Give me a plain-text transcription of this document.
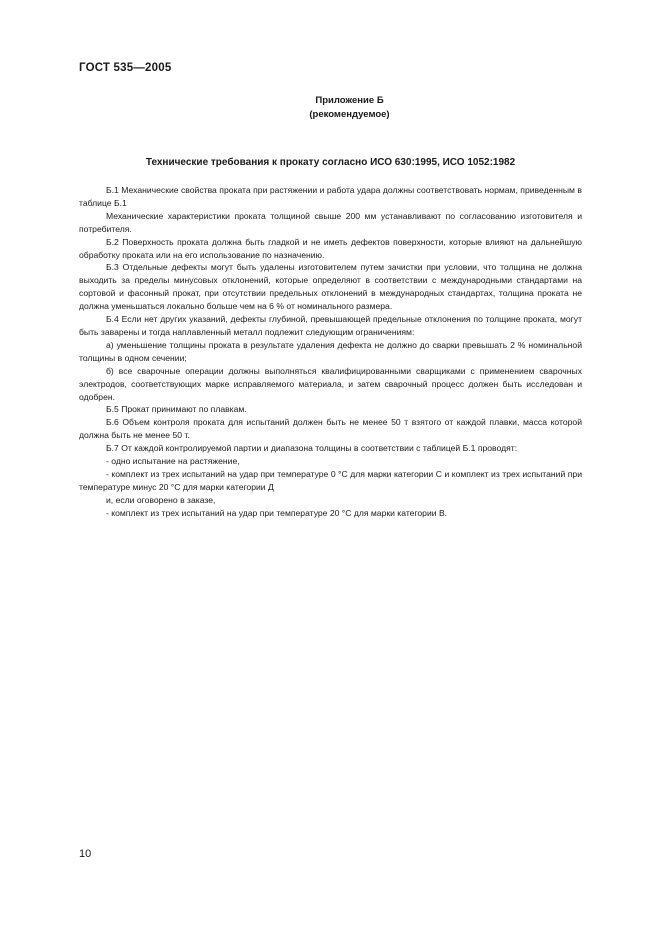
ГОСТ 535—2005
Приложение Б
(рекомендуемое)
Технические требования к прокату согласно ИСО 630:1995, ИСО 1052:1982

Б.1 Механические свойства проката при растяжении и работа удара должны соответствовать нормам, приведенным в таблице Б.1

Механические характеристики проката толщиной свыше 200 мм устанавливают по согласованию изготовителя и потребителя.

Б.2 Поверхность проката должна быть гладкой и не иметь дефектов поверхности, которые влияют на дальнейшую обработку проката или на его использование по назначению.

Б.3 Отдельные дефекты могут быть удалены изготовителем путем зачистки при условии, что толщина не должна выходить за пределы минусовых отклонений, которые определяют в соответствии с международными стандартами на сортовой и фасонный прокат, при отсутствии предельных отклонений в международных стандартах, толщина проката не должна уменьшаться локально больше чем на 6 % от номинального размера.

Б.4 Если нет других указаний, дефекты глубиной, превышающей предельные отклонения по толщине проката, могут быть заварены и тогда наплавленный металл подлежит следующим ограничениям:

а) уменьшение толщины проката в результате удаления дефекта не должно до сварки превышать 2 % номинальной толщины в одном сечении;

б) все сварочные операции должны выполняться квалифицированными сварщиками с применением сварочных электродов, соответствующих марке исправляемого материала, и затем сварочный процесс должен быть исследован и одобрен.

Б.5 Прокат принимают по плавкам.

Б.6 Объем контроля проката для испытаний должен быть не менее 50 т взятого от каждой плавки, масса которой должна быть не менее 50 т.

Б.7 От каждой контролируемой партии и диапазона толщины в соответствии с таблицей Б.1 проводят:

- одно испытание на растяжение,

- комплект из трех испытаний на удар при температуре 0 °С для марки категории С и комплект из трех испытаний при температуре минус 20 °С для марки категории Д

и, если оговорено в заказе,

- комплект из трех испытаний на удар при температуре 20 °С для марки категории В.

10
